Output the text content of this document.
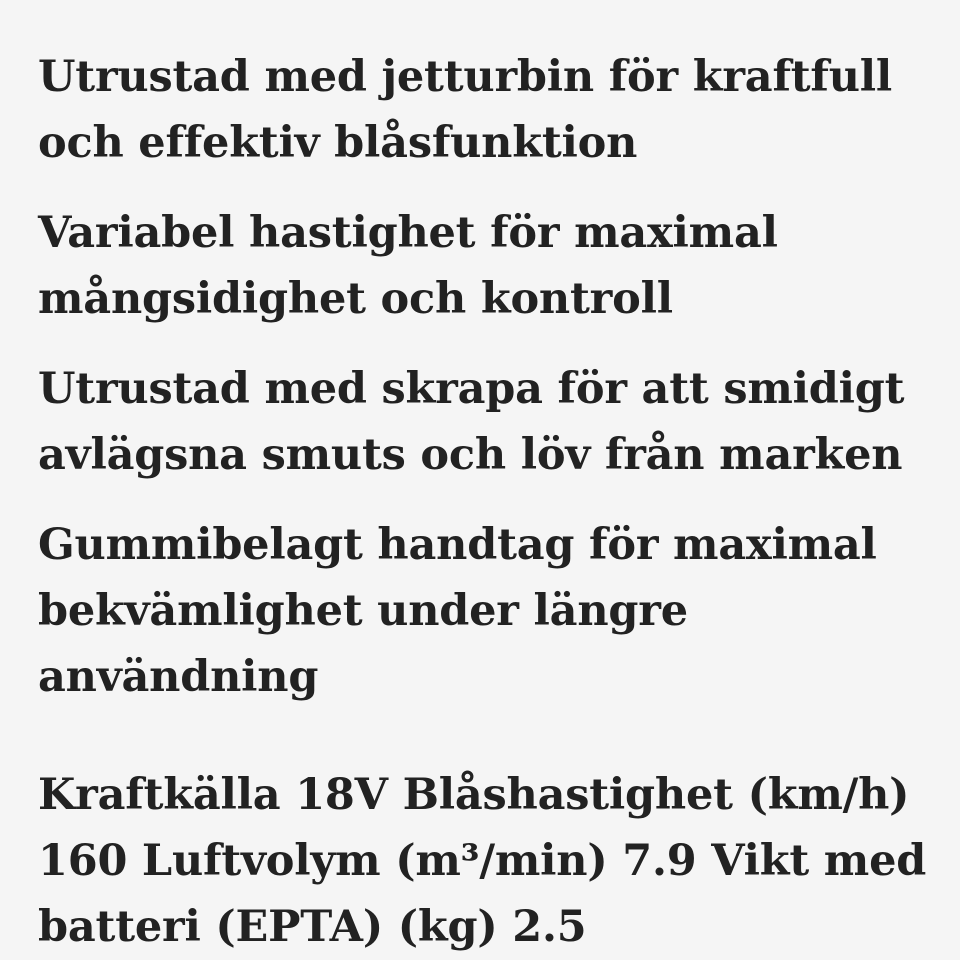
Utrustad med jetturbin för kraftfull och effektiv blåsfunktion

Variabel hastighet för maximal mångsidighet och kontroll

Utrustad med skrapa för att smidigt avlägsna smuts och löv från marken

Gummibelagt handtag för maximal bekvämlighet under längre användning

Kraftkälla 18V Blåshastighet (km/h) 160 Luftvolym (m³/min) 7.9 Vikt med batteri (EPTA) (kg) 2.5
